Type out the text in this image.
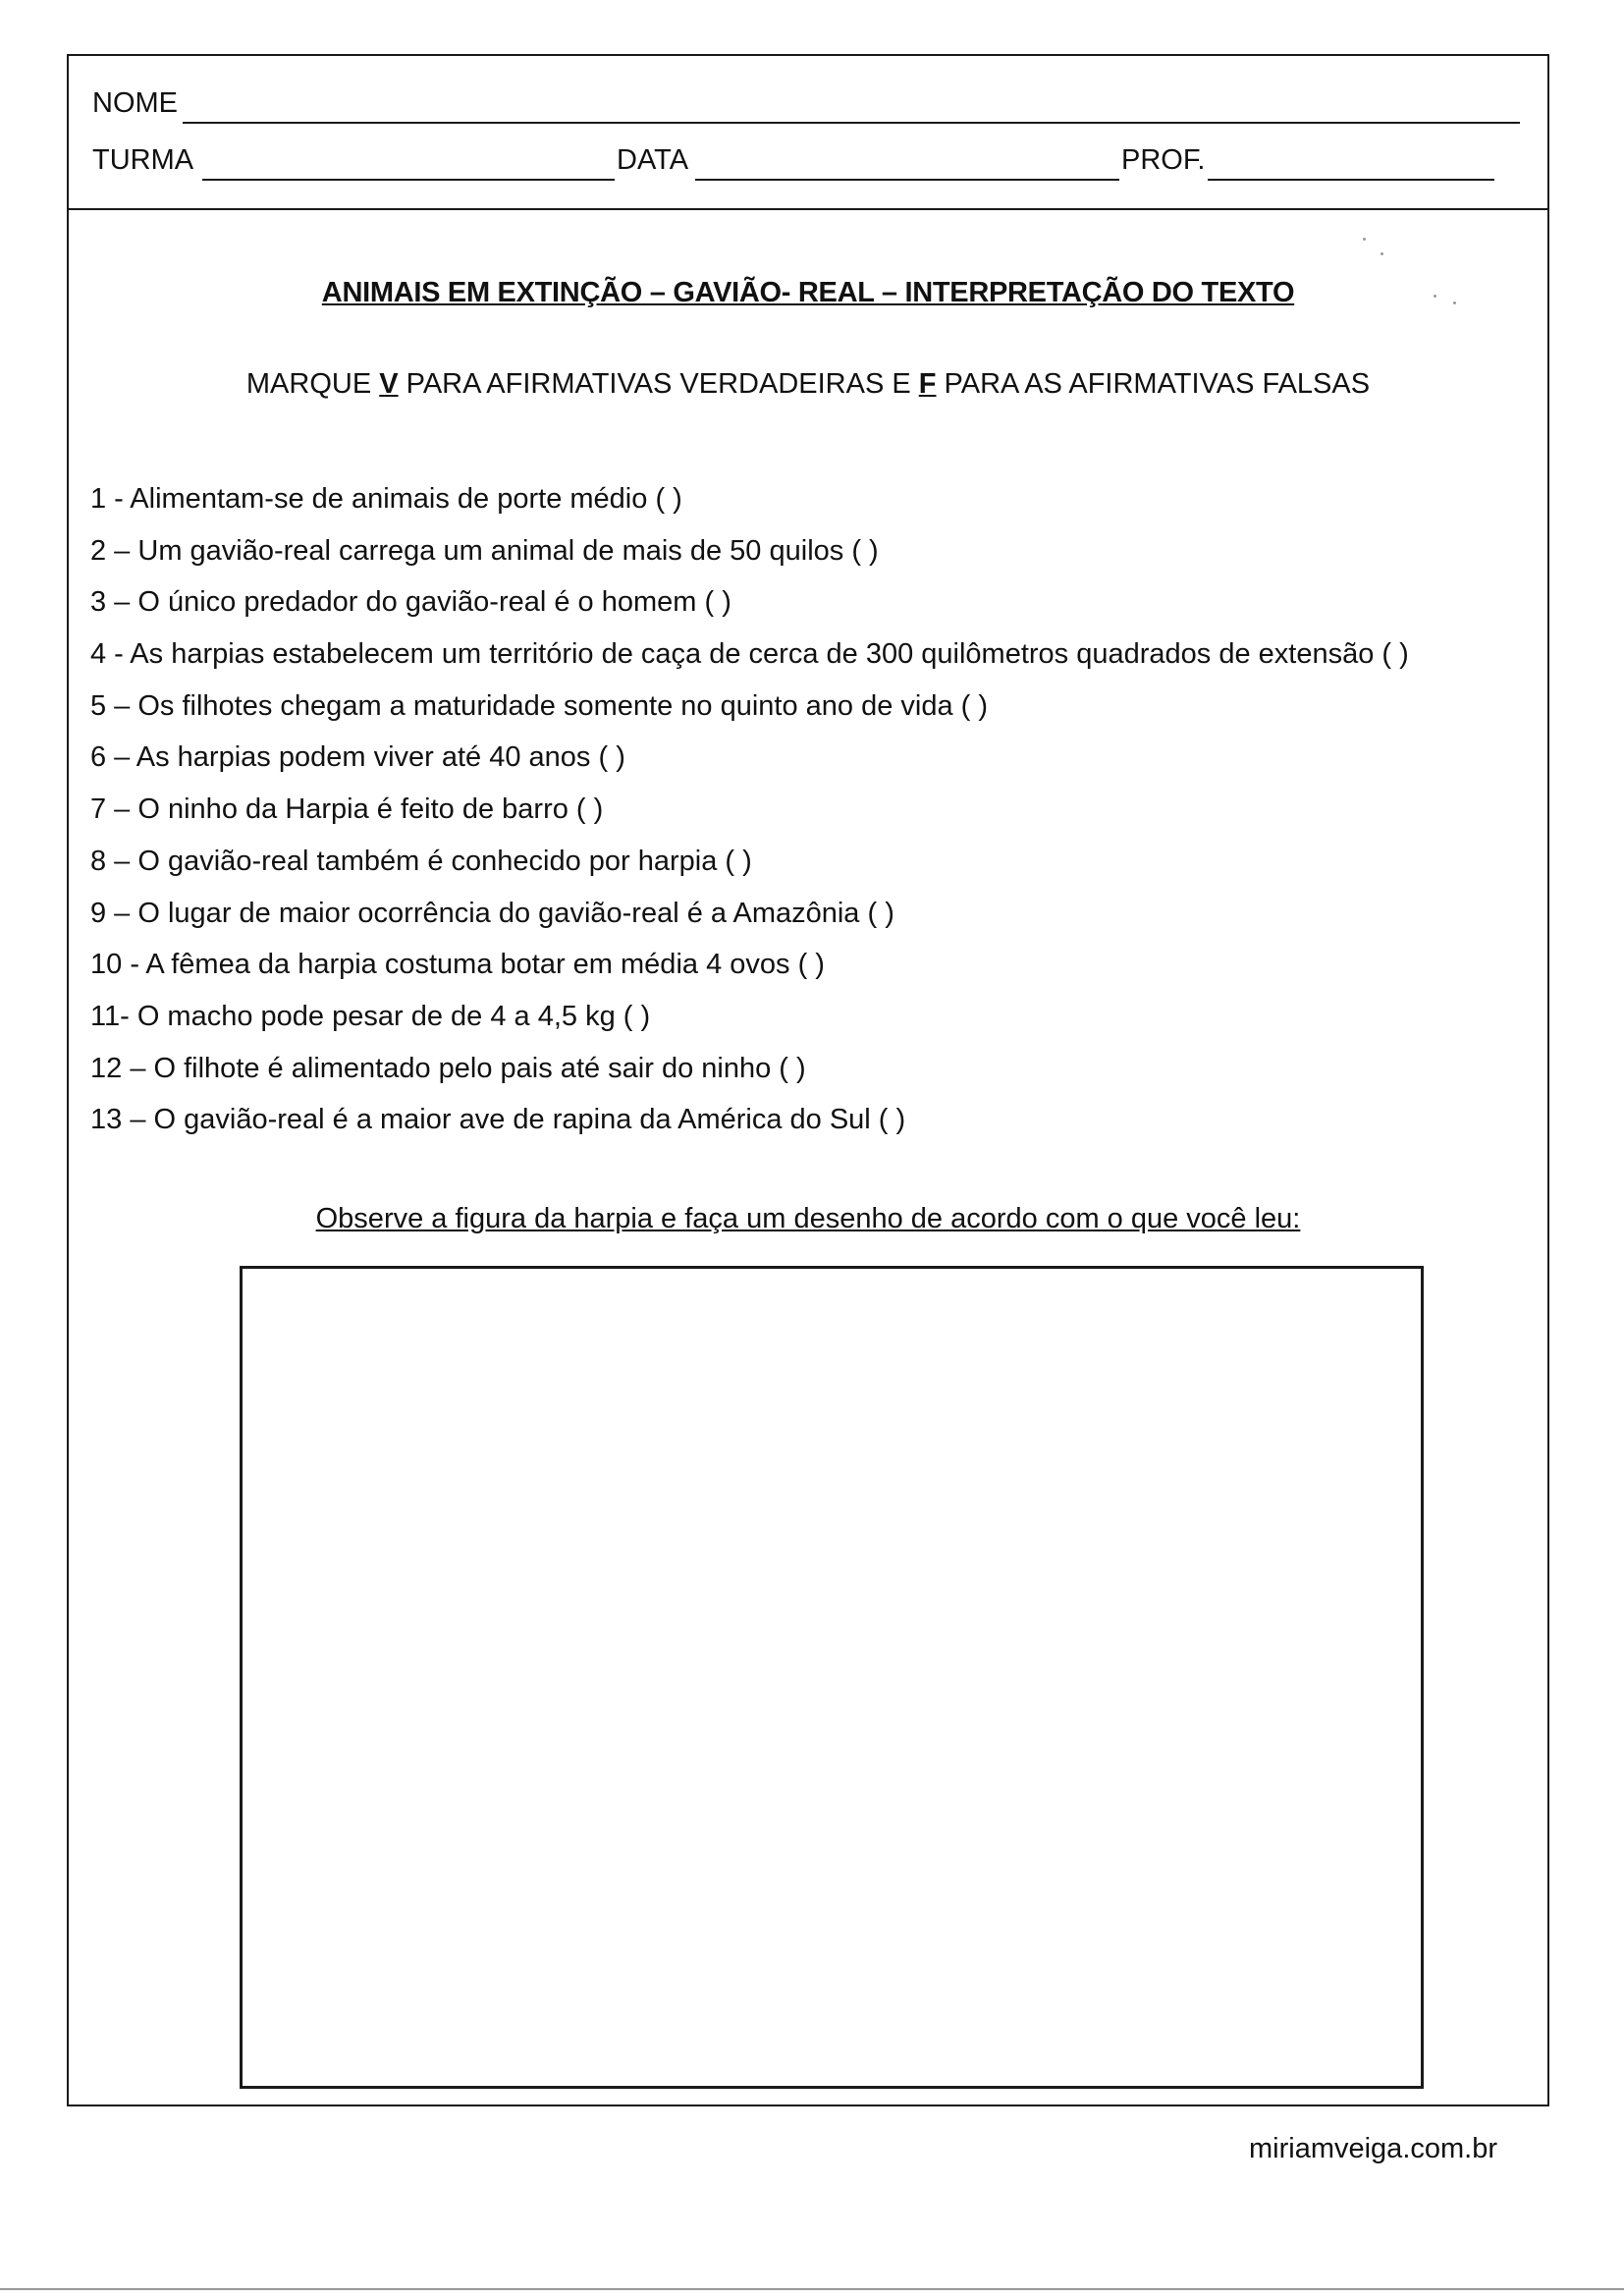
NOME
TURMA	DATA	PROF.
ANIMAIS EM EXTINÇÃO – GAVIÃO- REAL – INTERPRETAÇÃO DO TEXTO
MARQUE V PARA AFIRMATIVAS VERDADEIRAS E F PARA AS AFIRMATIVAS FALSAS
1 - Alimentam-se de animais de porte médio ( )
2 – Um gavião-real carrega um animal de mais de 50 quilos ( )
3 – O único predador do gavião-real é o homem ( )
4 - As harpias estabelecem um território de caça de cerca de 300 quilômetros quadrados de extensão ( )
5 – Os filhotes chegam a maturidade somente no quinto ano de vida ( )
6 – As harpias podem viver até 40 anos ( )
7 – O ninho da Harpia é feito de barro ( )
8 – O gavião-real também é conhecido por harpia ( )
9 – O lugar de maior ocorrência do gavião-real é a Amazônia ( )
10 - A fêmea da harpia costuma botar em média 4 ovos ( )
11- O macho pode pesar de de 4 a 4,5 kg ( )
12 – O filhote é alimentado pelo pais até sair do ninho ( )
13 – O gavião-real é a maior ave de rapina da América do Sul ( )
Observe a figura da harpia e faça um desenho de acordo com o que você leu:
miriamveiga.com.br
